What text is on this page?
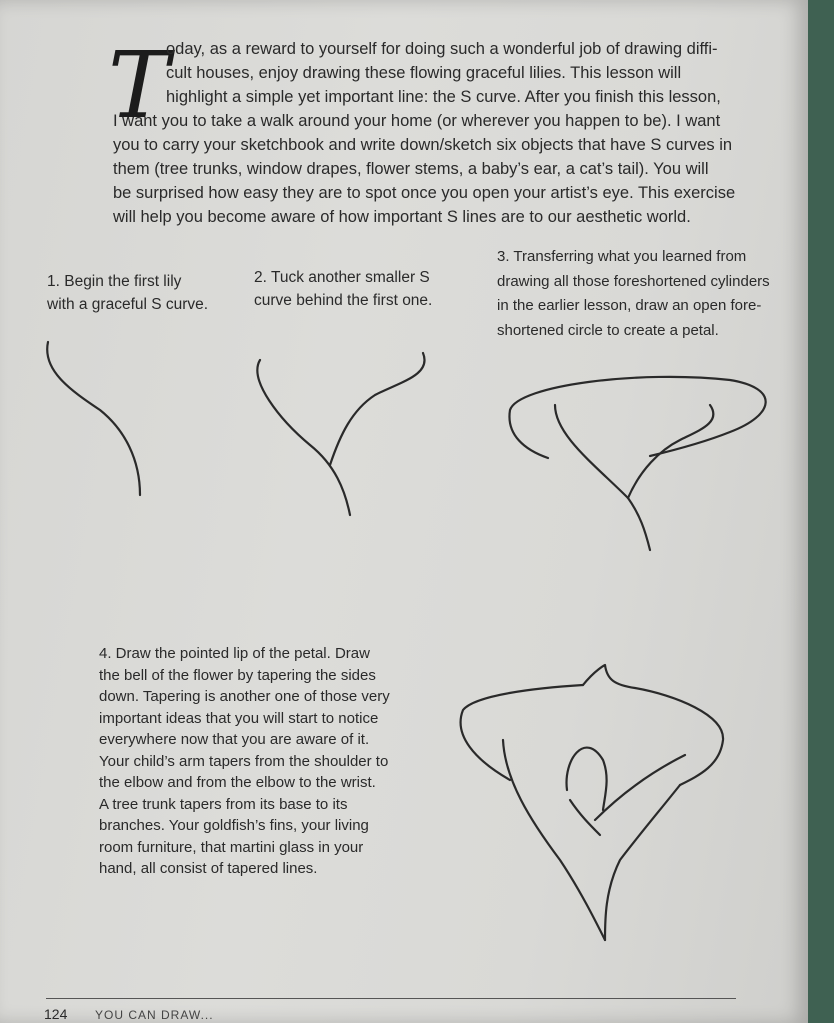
T
oday, as a reward to yourself for doing such a wonderful job of drawing diffi-
cult houses, enjoy drawing these flowing graceful lilies. This lesson will
highlight a simple yet important line: the S curve. After you finish this lesson,
I want you to take a walk around your home (or wherever you happen to be). I want
you to carry your sketchbook and write down/sketch six objects that have S curves in
them (tree trunks, window drapes, flower stems, a baby’s ear, a cat’s tail). You will
be surprised how easy they are to spot once you open your artist’s eye. This exercise
will help you become aware of how important S lines are to our aesthetic world.
1. Begin the first lily
with a graceful S curve.
2. Tuck another smaller S
curve behind the first one.
3. Transferring what you learned from
drawing all those foreshortened cylinders
in the earlier lesson, draw an open fore-
shortened circle to create a petal.
4. Draw the pointed lip of the petal. Draw
the bell of the flower by tapering the sides
down. Tapering is another one of those very
important ideas that you will start to notice
everywhere now that you are aware of it.
Your child’s arm tapers from the shoulder to
the elbow and from the elbow to the wrist.
A tree trunk tapers from its base to its
branches. Your goldfish’s fins, your living
room furniture, that martini glass in your
hand, all consist of tapered lines.
124 YOU CAN DRAW...
